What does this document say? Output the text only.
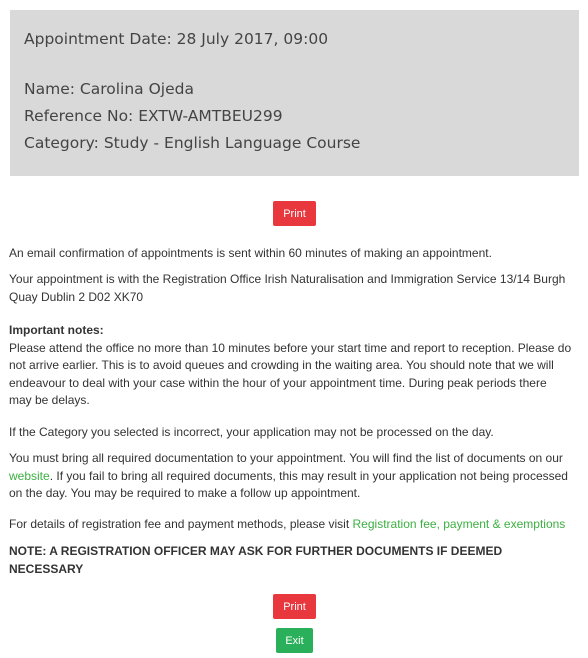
Appointment Date: 28 July 2017, 09:00

Name: Carolina Ojeda

Reference No: EXTW-AMTBEU299

Category: Study - English Language Course

Print

An email confirmation of appointments is sent within 60 minutes of making an appointment.

Your appointment is with the Registration Office Irish Naturalisation and Immigration Service 13/14 Burgh
Quay Dublin 2 D02 XK70

Important notes:
Please attend the office no more than 10 minutes before your start time and report to reception. Please do
not arrive earlier. This is to avoid queues and crowding in the waiting area. You should note that we will
endeavour to deal with your case within the hour of your appointment time. During peak periods there
may be delays.

If the Category you selected is incorrect, your application may not be processed on the day.

You must bring all required documentation to your appointment. You will find the list of documents on our
website. If you fail to bring all required documents, this may result in your application not being processed
on the day. You may be required to make a follow up appointment.

For details of registration fee and payment methods, please visit Registration fee, payment & exemptions

NOTE: A REGISTRATION OFFICER MAY ASK FOR FURTHER DOCUMENTS IF DEEMED
NECESSARY

Print
Exit
